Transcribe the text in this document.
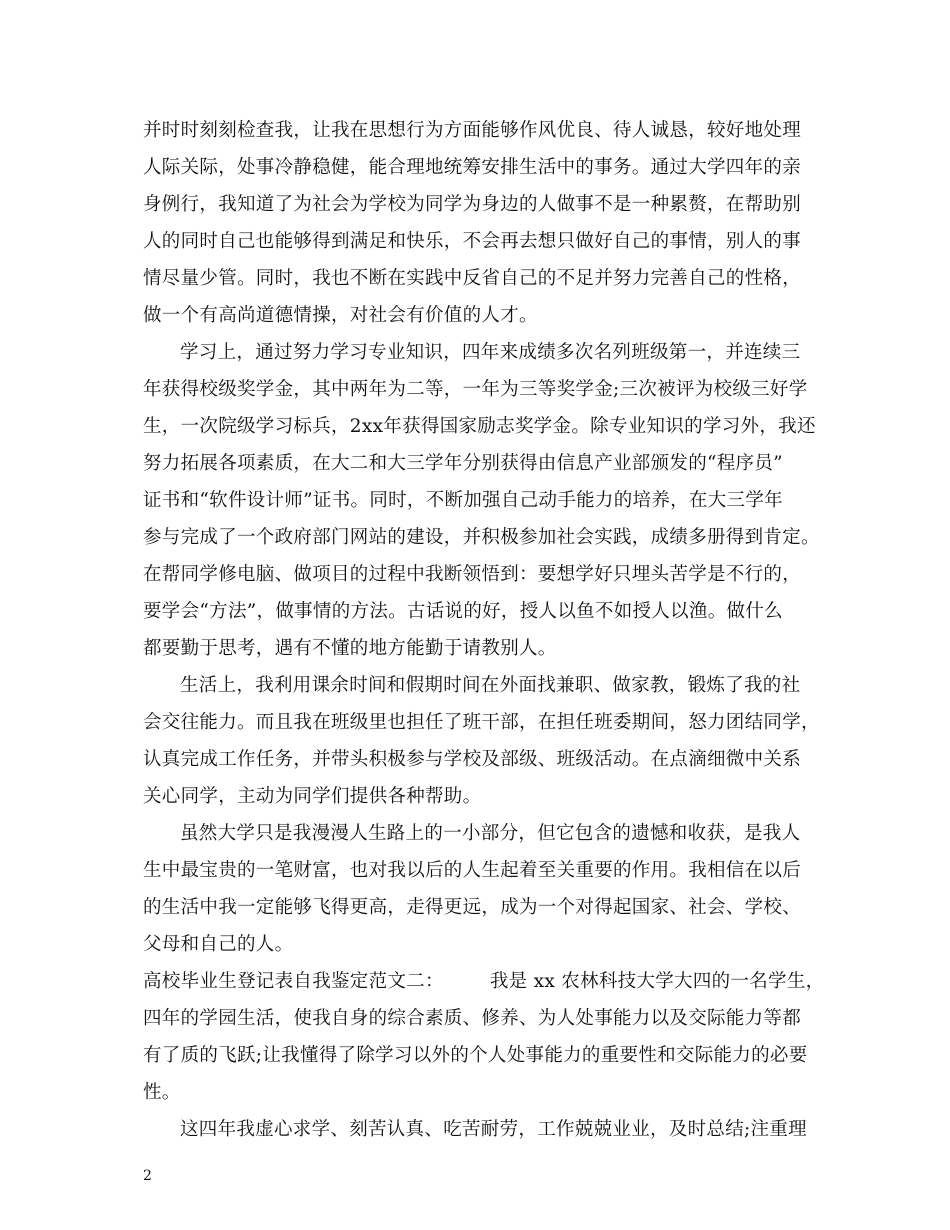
并时时刻刻检查我，让我在思想行为方面能够作风优良、待人诚恳，较好地处理
人际关际，处事冷静稳健，能合理地统筹安排生活中的事务。通过大学四年的亲
身例行，我知道了为社会为学校为同学为身边的人做事不是一种累赘，在帮助别
人的同时自己也能够得到满足和快乐，不会再去想只做好自己的事情，别人的事
情尽量少管。同时，我也不断在实践中反省自己的不足并努力完善自己的性格，
做一个有高尚道德情操，对社会有价值的人才。
学习上，通过努力学习专业知识，四年来成绩多次名列班级第一，并连续三
年获得校级奖学金，其中两年为二等，一年为三等奖学金;三次被评为校级三好学
生，一次院级学习标兵，2xx年获得国家励志奖学金。除专业知识的学习外，我还
努力拓展各项素质，在大二和大三学年分别获得由信息产业部颁发的“程序员”
证书和“软件设计师”证书。同时，不断加强自己动手能力的培养，在大三学年
参与完成了一个政府部门网站的建设，并积极参加社会实践，成绩多册得到肯定。
在帮同学修电脑、做项目的过程中我断领悟到：要想学好只埋头苦学是不行的，
要学会“方法”，做事情的方法。古话说的好，授人以鱼不如授人以渔。做什么
都要勤于思考，遇有不懂的地方能勤于请教别人。
生活上，我利用课余时间和假期时间在外面找兼职、做家教，锻炼了我的社
会交往能力。而且我在班级里也担任了班干部，在担任班委期间，怒力团结同学，
认真完成工作任务，并带头积极参与学校及部级、班级活动。在点滴细微中关系
关心同学，主动为同学们提供各种帮助。
虽然大学只是我漫漫人生路上的一小部分，但它包含的遗憾和收获，是我人
生中最宝贵的一笔财富，也对我以后的人生起着至关重要的作用。我相信在以后
的生活中我一定能够飞得更高，走得更远，成为一个对得起国家、社会、学校、
父母和自己的人。
高校毕业生登记表自我鉴定范文二： 我是 xx 农林科技大学大四的一名学生，
四年的学园生活，使我自身的综合素质、修养、为人处事能力以及交际能力等都
有了质的飞跃;让我懂得了除学习以外的个人处事能力的重要性和交际能力的必要
性。
这四年我虚心求学、刻苦认真、吃苦耐劳，工作兢兢业业，及时总结;注重理
2
